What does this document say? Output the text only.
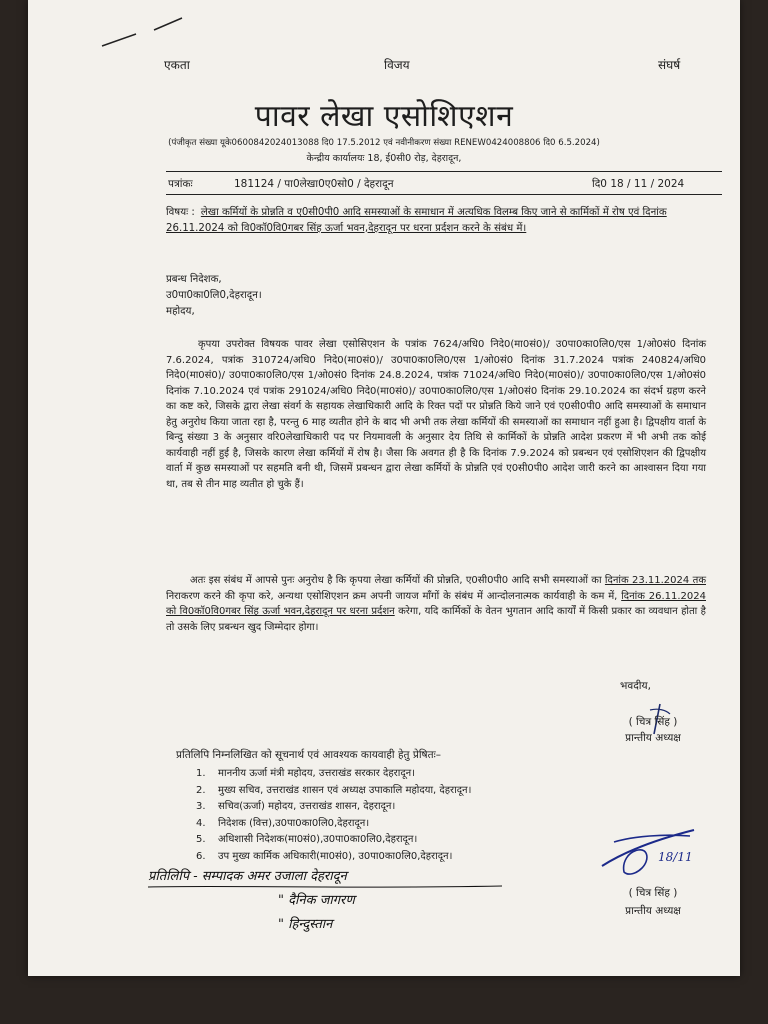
एकता	विजय	संघर्ष
पावर लेखा एसोशिएशन
(पंजीकृत संख्या यूके0600842024013088 दि0 17.5.2012 एवं नवीनीकरण संख्या RENEW0424008806 दि0 6.5.2024)
केन्द्रीय कार्यालयः 18, ई0सी0 रोड़, देहरादून,
पत्रांकः	181124 / पा0लेखा0ए0सो0 / देहरादून	दि0 18 / 11 / 2024
विषयः : लेखा कर्मियों के प्रोन्नति व ए0सी0पी0 आदि समस्याओं के समाधान में अत्यधिक विलम्ब किए जाने से कार्मिकों में रोष एवं दिनांक 26.11.2024 को वि0कॉ0वि0गबर सिंह ऊर्जा भवन,देहरादून पर धरना प्रर्दशन करने के संबंध में।
प्रबन्ध निदेशक,
उ0पा0का0लि0,देहरादून।
महोदय,
कृपया उपरोक्त विषयक पावर लेखा एसोसिएशन के पत्रांक 7624/अधि0 निदे0(मा0सं0)/ उ0पा0का0लि0/एस 1/ओ0सं0 दिनांक 7.6.2024, पत्रांक 310724/अधि0 निदे0(मा0सं0)/ उ0पा0का0लि0/एस 1/ओ0सं0 दिनांक 31.7.2024 पत्रांक 240824/अधि0 निदे0(मा0सं0)/ उ0पा0का0लि0/एस 1/ओ0सं0 दिनांक 24.8.2024, पत्रांक 71024/अधि0 निदे0(मा0सं0)/ उ0पा0का0लि0/एस 1/ओ0सं0 दिनांक 7.10.2024 एवं पत्रांक 291024/अधि0 निदे0(मा0सं0)/ उ0पा0का0लि0/एस 1/ओ0सं0 दिनांक 29.10.2024 का संदर्भ ग्रहण करने का कष्ट करे, जिसके द्वारा लेखा संवर्ग के सहायक लेखाधिकारी आदि के रिक्त पदों पर प्रोन्नति किये जाने एवं ए0सी0पी0 आदि समस्याओं के समाधान हेतु अनुरोध किया जाता रहा है, परन्तु 6 माह व्यतीत होने के बाद भी अभी तक लेखा कर्मियों की समस्याओं का समाधान नहीं हुआ है। द्विपक्षीय वार्ता के बिन्दु संख्या 3 के अनुसार वरि0लेखाधिकारी पद पर नियमावली के अनुसार देय तिथि से कार्मिकों के प्रोन्नति आदेश प्रकरण में भी अभी तक कोई कार्यवाही नहीं हुई है, जिसके कारण लेखा कर्मियों में रोष है। जैसा कि अवगत ही है कि दिनांक 7.9.2024 को प्रबन्धन एवं एसोशिएशन की द्विपक्षीय वार्ता में कुछ समस्याओं पर सहमति बनी थी, जिसमें प्रबन्धन द्वारा लेखा कर्मियों के प्रोन्नति एवं ए0सी0पी0 आदेश जारी करने का आश्वासन दिया गया था, तब से तीन माह व्यतीत हो चुके हैं।
अतः इस संबंध में आपसे पुनः अनुरोध है कि कृपया लेखा कर्मियों की प्रोन्नति, ए0सी0पी0 आदि सभी समस्याओं का दिनांक 23.11.2024 तक निराकरण करने की कृपा करे, अन्यथा एसोशिएशन क्रम अपनी जायज मॉंगों के संबंध में आन्दोलनात्मक कार्यवाही के कम में, दिनांक 26.11.2024 को वि0कॉ0वि0गबर सिंह ऊर्जा भवन,देहरादून पर धरना प्रर्दशन करेगा, यदि कार्मिकों के वेतन भुगतान आदि कार्यों में किसी प्रकार का व्यवधान होता है तो उसके लिए प्रबन्धन खुद जिम्मेदार होगा।
भवदीय,
( चित्र सिंह )
प्रान्तीय अध्यक्ष
प्रतिलिपि निम्नलिखित को सूचनार्थ एवं आवश्यक कायवाही हेतु प्रेषितः–
1. माननीय ऊर्जा मंत्री महोदय, उत्तराखंड सरकार देहरादून।
2. मुख्य सचिव, उत्तराखंड शासन एवं अध्यक्ष उपाकालि महोदया, देहरादून।
3. सचिव(ऊर्जा) महोदय, उत्तराखंड शासन, देहरादून।
4. निदेशक (वित्त),उ0पा0का0लि0,देहरादून।
5. अधिशासी निदेशक(मा0सं0),उ0पा0का0लि0,देहरादून।
6. उप मुख्य कार्मिक अधिकारी(मा0सं0), उ0पा0का0लि0,देहरादून।
प्रतिलिपि - सम्पादक अमर उजाला देहरादून
" दैनिक जागरण
" हिन्दुस्तान
18/11
( चित्र सिंह )
प्रान्तीय अध्यक्ष
